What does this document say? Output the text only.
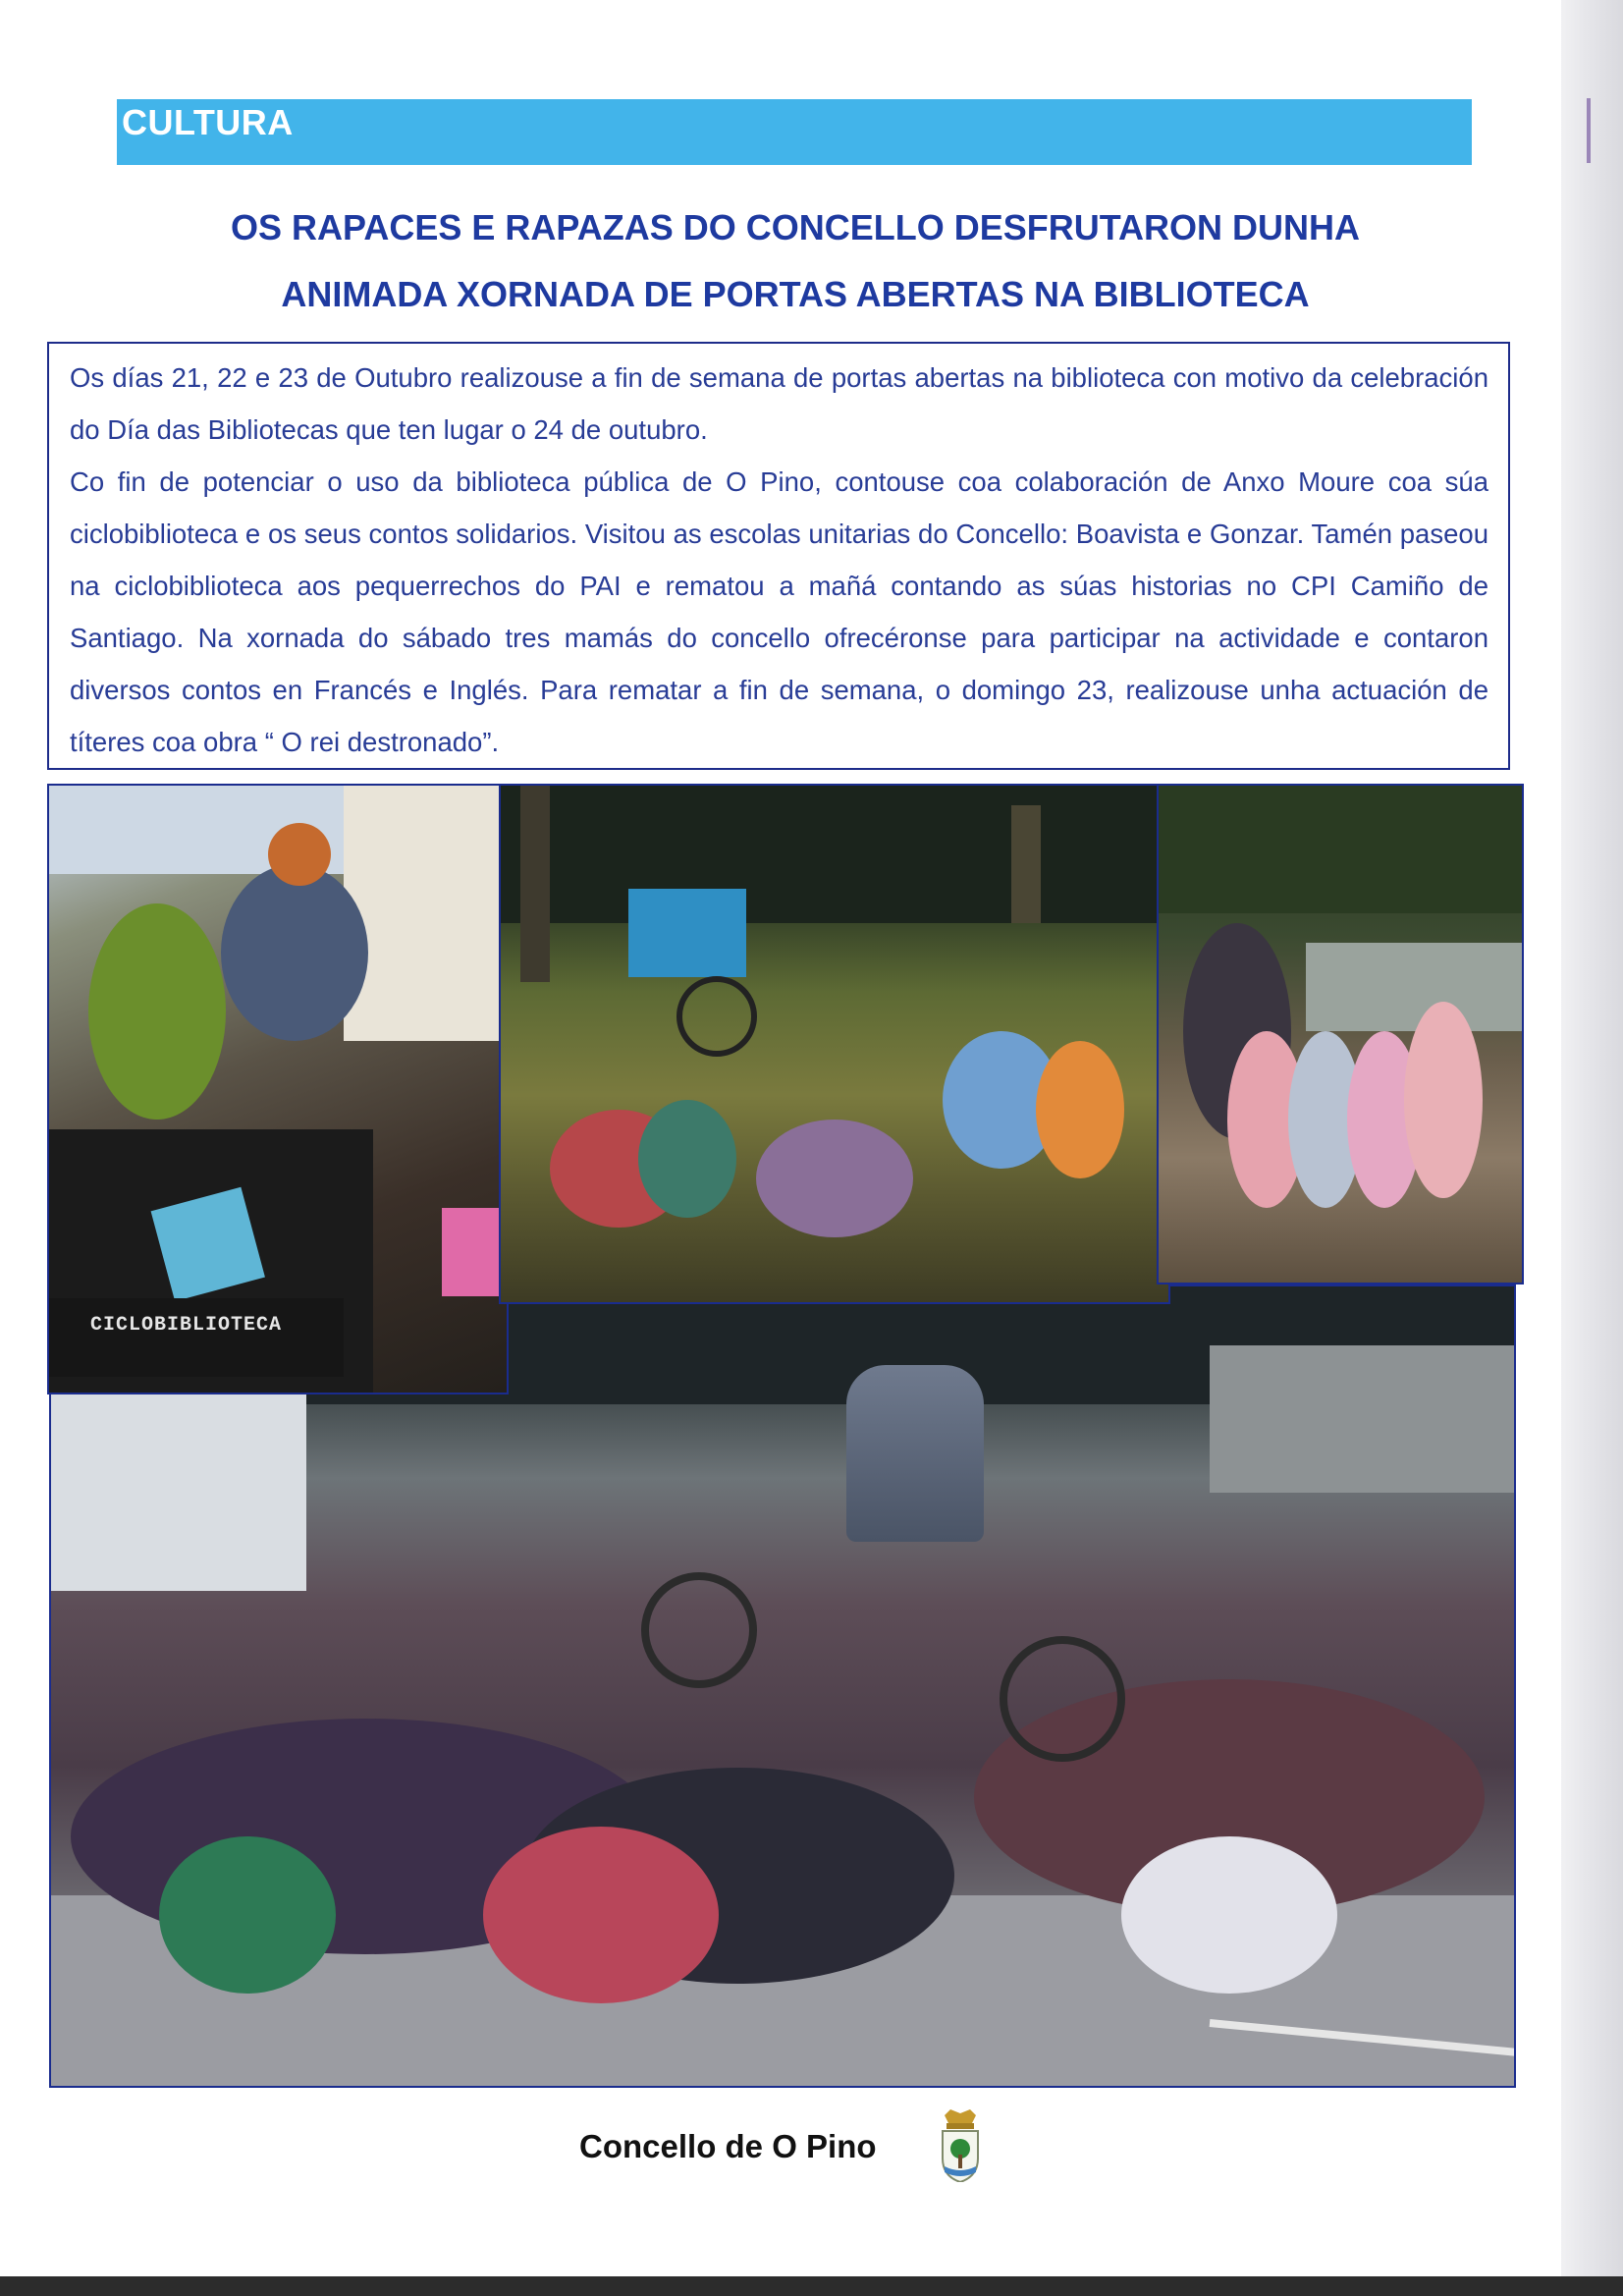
CULTURA
OS RAPACES E RAPAZAS DO CONCELLO DESFRUTARON DUNHA
ANIMADA XORNADA DE PORTAS ABERTAS NA BIBLIOTECA

Os días 21, 22 e 23 de Outubro realizouse a fin de semana de portas abertas na biblioteca con motivo da celebración do Día das Bibliotecas que ten lugar o 24 de outubro.

Co fin de potenciar o uso da biblioteca pública de O Pino, contouse coa colaboración de Anxo Moure coa súa ciclobiblioteca e os seus contos solidarios. Visitou as escolas unitarias do Concello: Boavista e Gonzar. Tamén paseou na ciclobiblioteca aos pequerrechos do PAI e rematou a mañá contando as súas historias no CPI Camiño de Santiago. Na xornada do sábado tres mamás do concello ofrecéronse para participar na actividade e contaron diversos contos en Francés e Inglés. Para rematar a fin de semana, o domingo 23, realizouse unha actuación de títeres coa obra “ O rei destronado”.

CICLOBIBLIOTECA
Concello de O Pino
